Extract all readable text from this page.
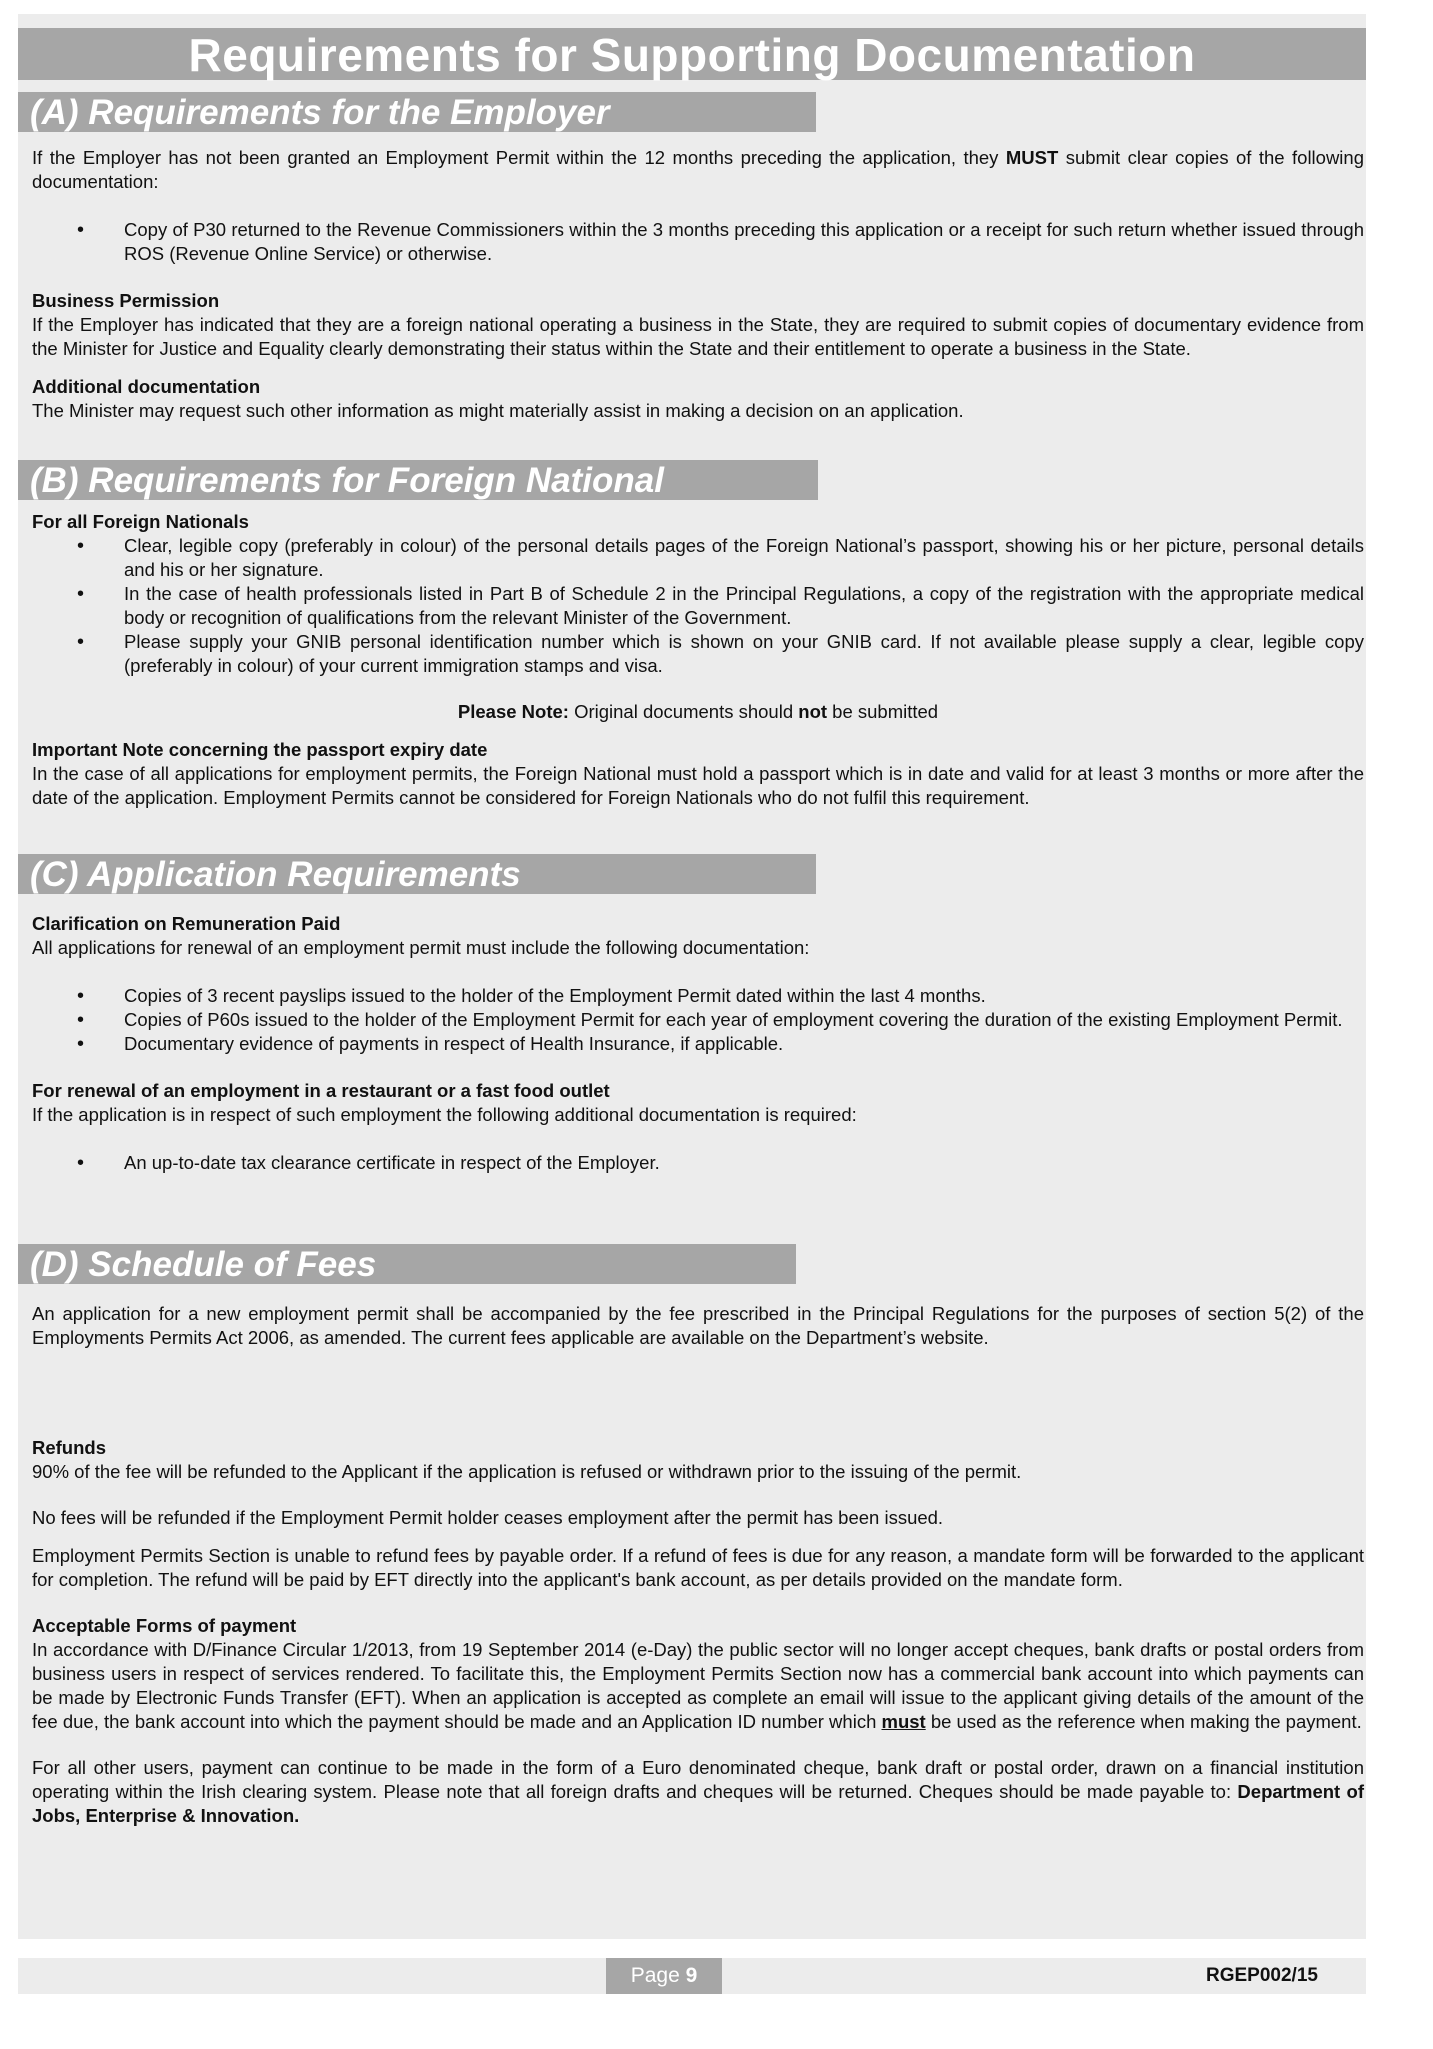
Requirements for Supporting Documentation
(A) Requirements for the Employer

If the Employer has not been granted an Employment Permit within the 12 months preceding the application, they MUST submit clear copies of the following documentation:

• Copy of P30 returned to the Revenue Commissioners within the 3 months preceding this application or a receipt for such return whether issued through ROS (Revenue Online Service) or otherwise.

Business Permission

If the Employer has indicated that they are a foreign national operating a business in the State, they are required to submit copies of documentary evidence from the Minister for Justice and Equality clearly demonstrating their status within the State and their entitlement to operate a business in the State.

Additional documentation

The Minister may request such other information as might materially assist in making a decision on an application.

(B) Requirements for Foreign National

For all Foreign Nationals

• Clear, legible copy (preferably in colour) of the personal details pages of the Foreign National’s passport, showing his or her picture, personal details and his or her signature.
• In the case of health professionals listed in Part B of Schedule 2 in the Principal Regulations, a copy of the registration with the appropriate medical body or recognition of qualifications from the relevant Minister of the Government.
• Please supply your GNIB personal identification number which is shown on your GNIB card. If not available please supply a clear, legible copy (preferably in colour) of your current immigration stamps and visa.

Please Note: Original documents should not be submitted

Important Note concerning the passport expiry date

In the case of all applications for employment permits, the Foreign National must hold a passport which is in date and valid for at least 3 months or more after the date of the application. Employment Permits cannot be considered for Foreign Nationals who do not fulfil this requirement.

(C) Application Requirements

Clarification on Remuneration Paid

All applications for renewal of an employment permit must include the following documentation:

• Copies of 3 recent payslips issued to the holder of the Employment Permit dated within the last 4 months.
• Copies of P60s issued to the holder of the Employment Permit for each year of employment covering the duration of the existing Employment Permit.
• Documentary evidence of payments in respect of Health Insurance, if applicable.

For renewal of an employment in a restaurant or a fast food outlet

If the application is in respect of such employment the following additional documentation is required:

• An up-to-date tax clearance certificate in respect of the Employer.
(D) Schedule of Fees

An application for a new employment permit shall be accompanied by the fee prescribed in the Principal Regulations for the purposes of section 5(2) of the Employments Permits Act 2006, as amended. The current fees applicable are available on the Department’s website.

Refunds

90% of the fee will be refunded to the Applicant if the application is refused or withdrawn prior to the issuing of the permit.

No fees will be refunded if the Employment Permit holder ceases employment after the permit has been issued.

Employment Permits Section is unable to refund fees by payable order. If a refund of fees is due for any reason, a mandate form will be forwarded to the applicant for completion. The refund will be paid by EFT directly into the applicant's bank account, as per details provided on the mandate form.

Acceptable Forms of payment

In accordance with D/Finance Circular 1/2013, from 19 September 2014 (e-Day) the public sector will no longer accept cheques, bank drafts or postal orders from business users in respect of services rendered. To facilitate this, the Employment Permits Section now has a commercial bank account into which payments can be made by Electronic Funds Transfer (EFT). When an application is accepted as complete an email will issue to the applicant giving details of the amount of the fee due, the bank account into which the payment should be made and an Application ID number which must be used as the reference when making the payment.

For all other users, payment can continue to be made in the form of a Euro denominated cheque, bank draft or postal order, drawn on a financial institution operating within the Irish clearing system. Please note that all foreign drafts and cheques will be returned. Cheques should be made payable to: Department of Jobs, Enterprise & Innovation.

Page 9	RGEP002/15
